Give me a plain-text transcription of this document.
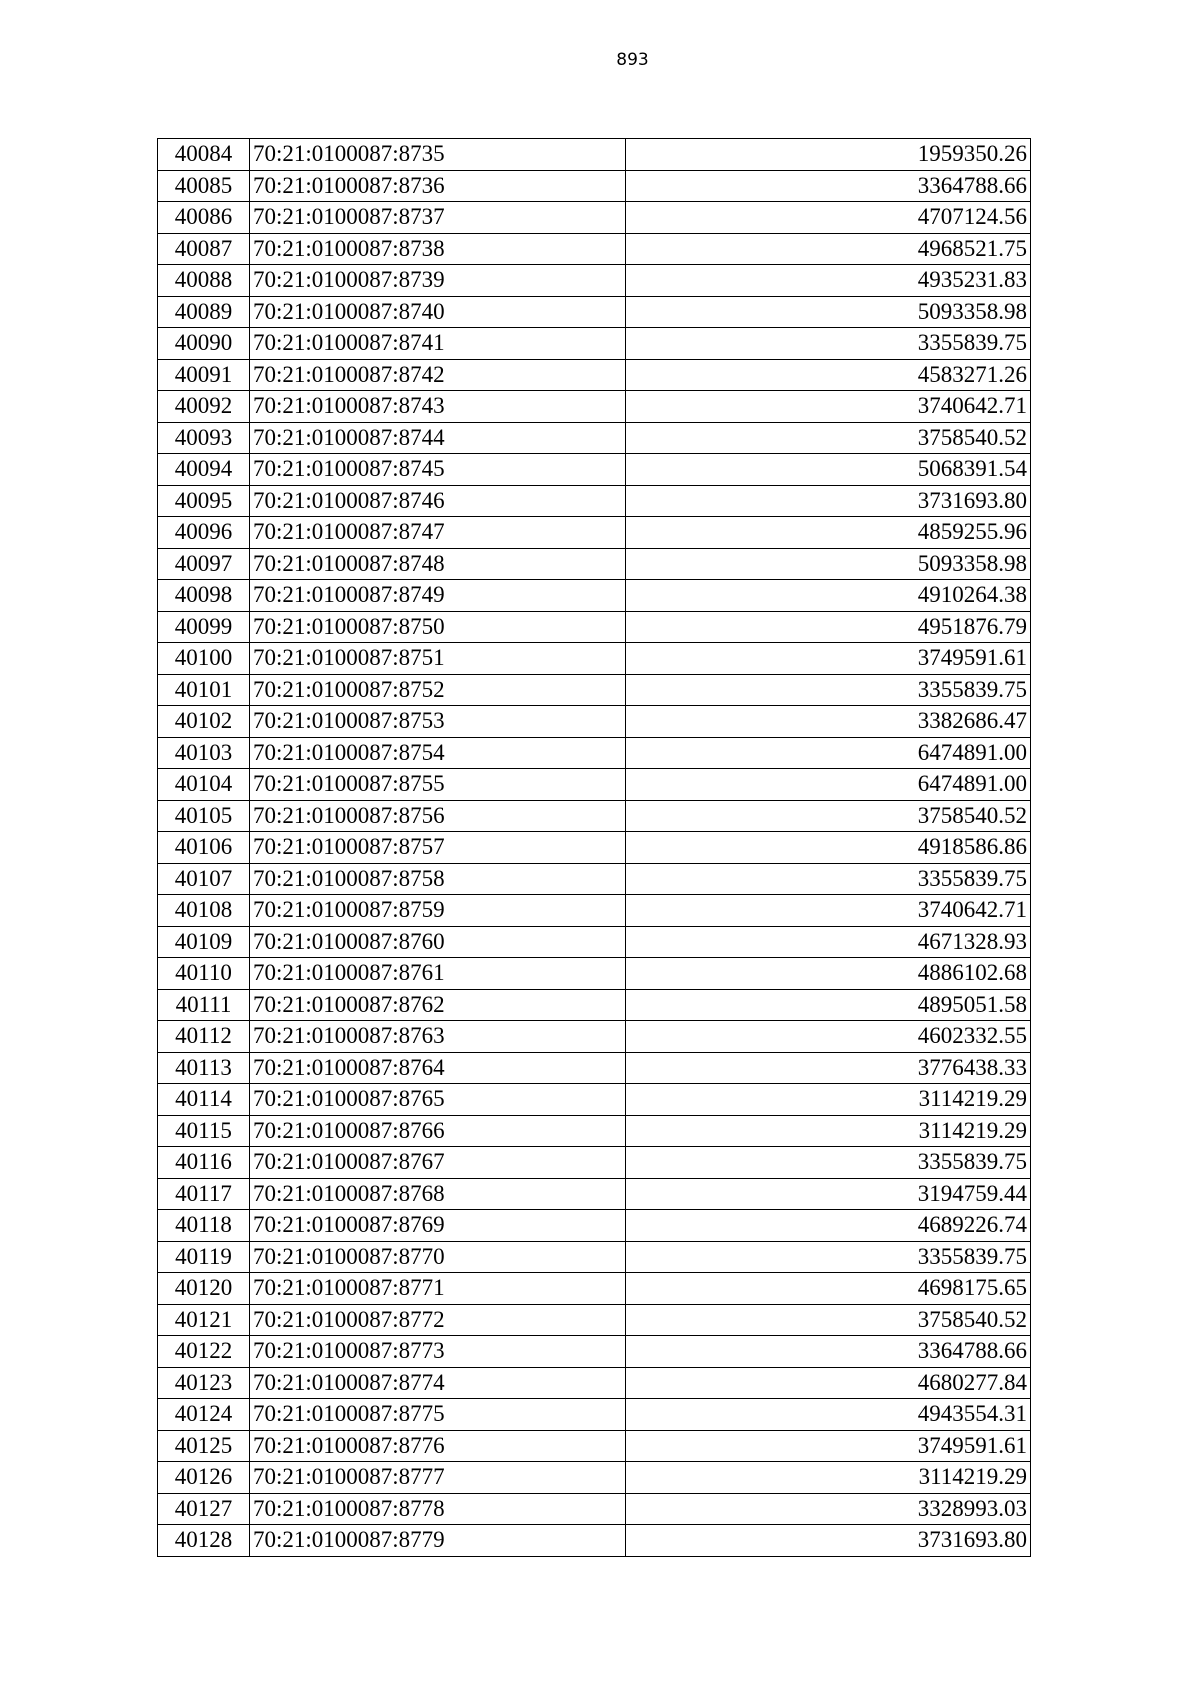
893
40084	70:21:0100087:8735	1959350.26
40085	70:21:0100087:8736	3364788.66
40086	70:21:0100087:8737	4707124.56
40087	70:21:0100087:8738	4968521.75
40088	70:21:0100087:8739	4935231.83
40089	70:21:0100087:8740	5093358.98
40090	70:21:0100087:8741	3355839.75
40091	70:21:0100087:8742	4583271.26
40092	70:21:0100087:8743	3740642.71
40093	70:21:0100087:8744	3758540.52
40094	70:21:0100087:8745	5068391.54
40095	70:21:0100087:8746	3731693.80
40096	70:21:0100087:8747	4859255.96
40097	70:21:0100087:8748	5093358.98
40098	70:21:0100087:8749	4910264.38
40099	70:21:0100087:8750	4951876.79
40100	70:21:0100087:8751	3749591.61
40101	70:21:0100087:8752	3355839.75
40102	70:21:0100087:8753	3382686.47
40103	70:21:0100087:8754	6474891.00
40104	70:21:0100087:8755	6474891.00
40105	70:21:0100087:8756	3758540.52
40106	70:21:0100087:8757	4918586.86
40107	70:21:0100087:8758	3355839.75
40108	70:21:0100087:8759	3740642.71
40109	70:21:0100087:8760	4671328.93
40110	70:21:0100087:8761	4886102.68
40111	70:21:0100087:8762	4895051.58
40112	70:21:0100087:8763	4602332.55
40113	70:21:0100087:8764	3776438.33
40114	70:21:0100087:8765	3114219.29
40115	70:21:0100087:8766	3114219.29
40116	70:21:0100087:8767	3355839.75
40117	70:21:0100087:8768	3194759.44
40118	70:21:0100087:8769	4689226.74
40119	70:21:0100087:8770	3355839.75
40120	70:21:0100087:8771	4698175.65
40121	70:21:0100087:8772	3758540.52
40122	70:21:0100087:8773	3364788.66
40123	70:21:0100087:8774	4680277.84
40124	70:21:0100087:8775	4943554.31
40125	70:21:0100087:8776	3749591.61
40126	70:21:0100087:8777	3114219.29
40127	70:21:0100087:8778	3328993.03
40128	70:21:0100087:8779	3731693.80
